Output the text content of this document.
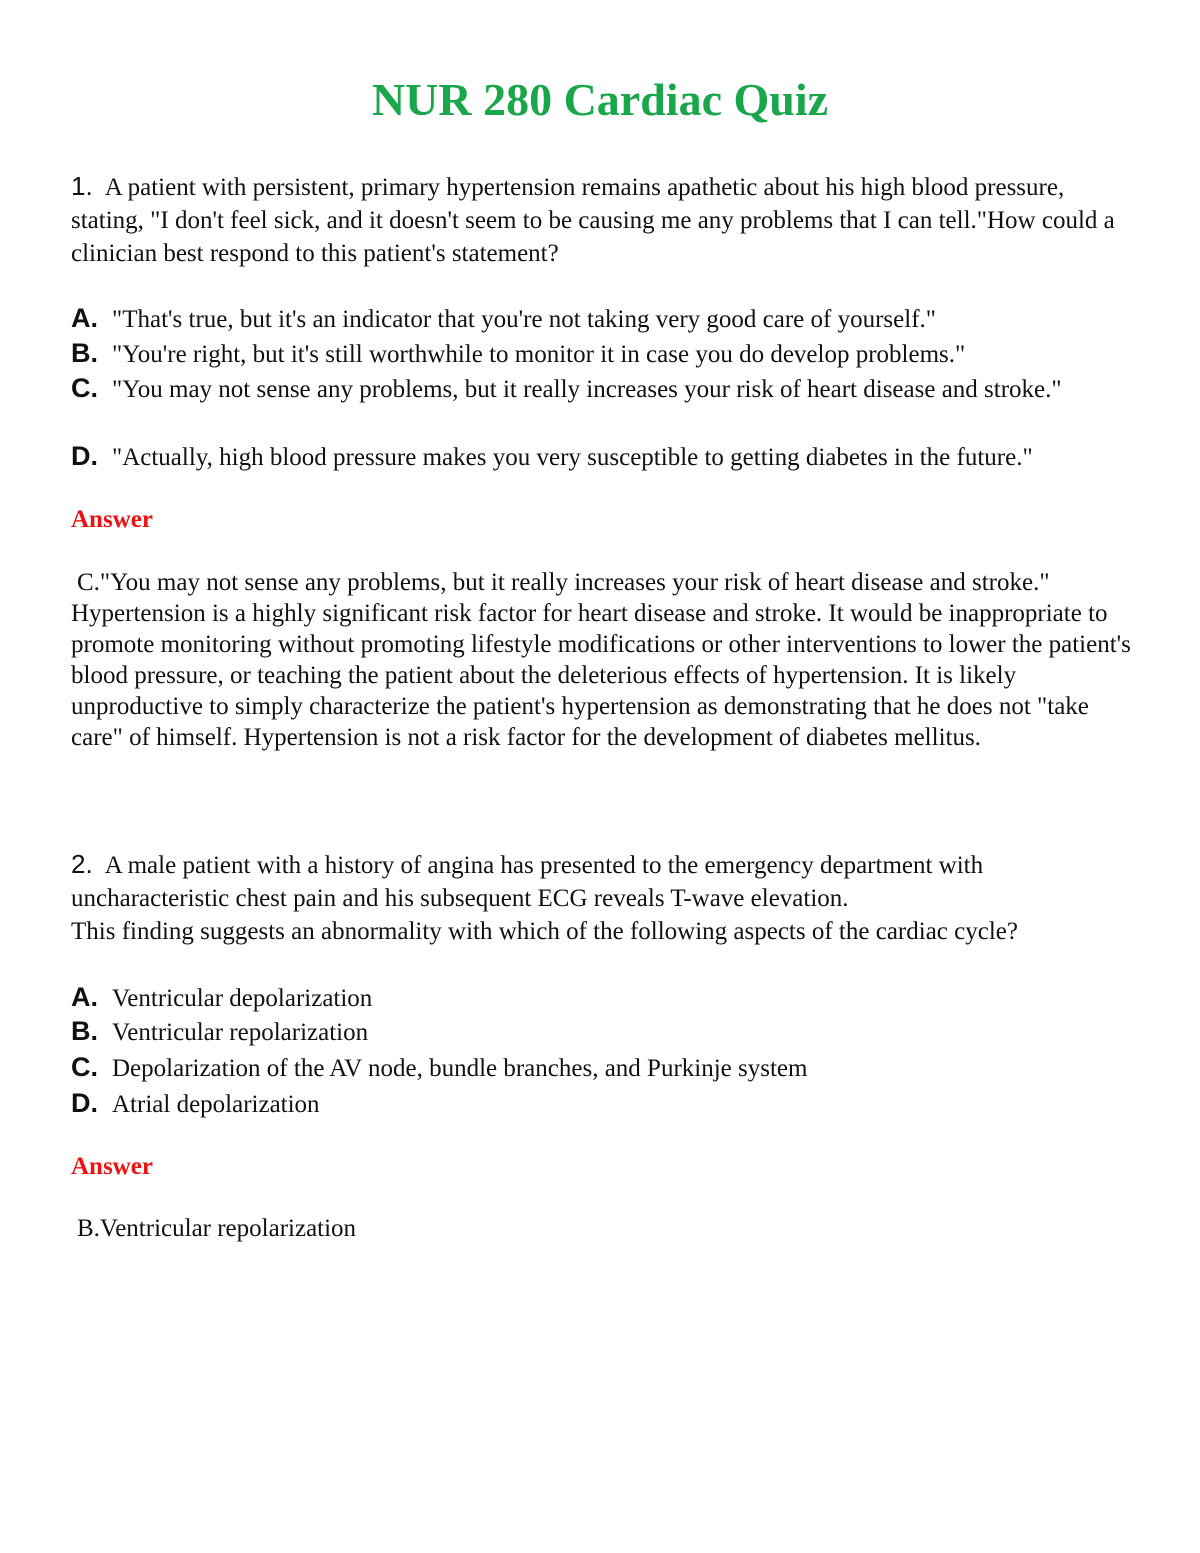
NUR 280 Cardiac Quiz
1. A patient with persistent, primary hypertension remains apathetic about his high blood pressure, stating, "I don't feel sick, and it doesn't seem to be causing me any problems that I can tell."How could a clinician best respond to this patient's statement?
A. "That's true, but it's an indicator that you're not taking very good care of yourself."
B. "You're right, but it's still worthwhile to monitor it in case you do develop problems."
C. "You may not sense any problems, but it really increases your risk of heart disease and stroke."
D. "Actually, high blood pressure makes you very susceptible to getting diabetes in the future."
Answer
C."You may not sense any problems, but it really increases your risk of heart disease and stroke."
Hypertension is a highly significant risk factor for heart disease and stroke. It would be inappropriate to promote monitoring without promoting lifestyle modifications or other interventions to lower the patient's blood pressure, or teaching the patient about the deleterious effects of hypertension. It is likely unproductive to simply characterize the patient's hypertension as demonstrating that he does not "take care" of himself. Hypertension is not a risk factor for the development of diabetes mellitus.
2. A male patient with a history of angina has presented to the emergency department with uncharacteristic chest pain and his subsequent ECG reveals T-wave elevation.
This finding suggests an abnormality with which of the following aspects of the cardiac cycle?
A. Ventricular depolarization
B. Ventricular repolarization
C. Depolarization of the AV node, bundle branches, and Purkinje system
D. Atrial depolarization
Answer
B.Ventricular repolarization
